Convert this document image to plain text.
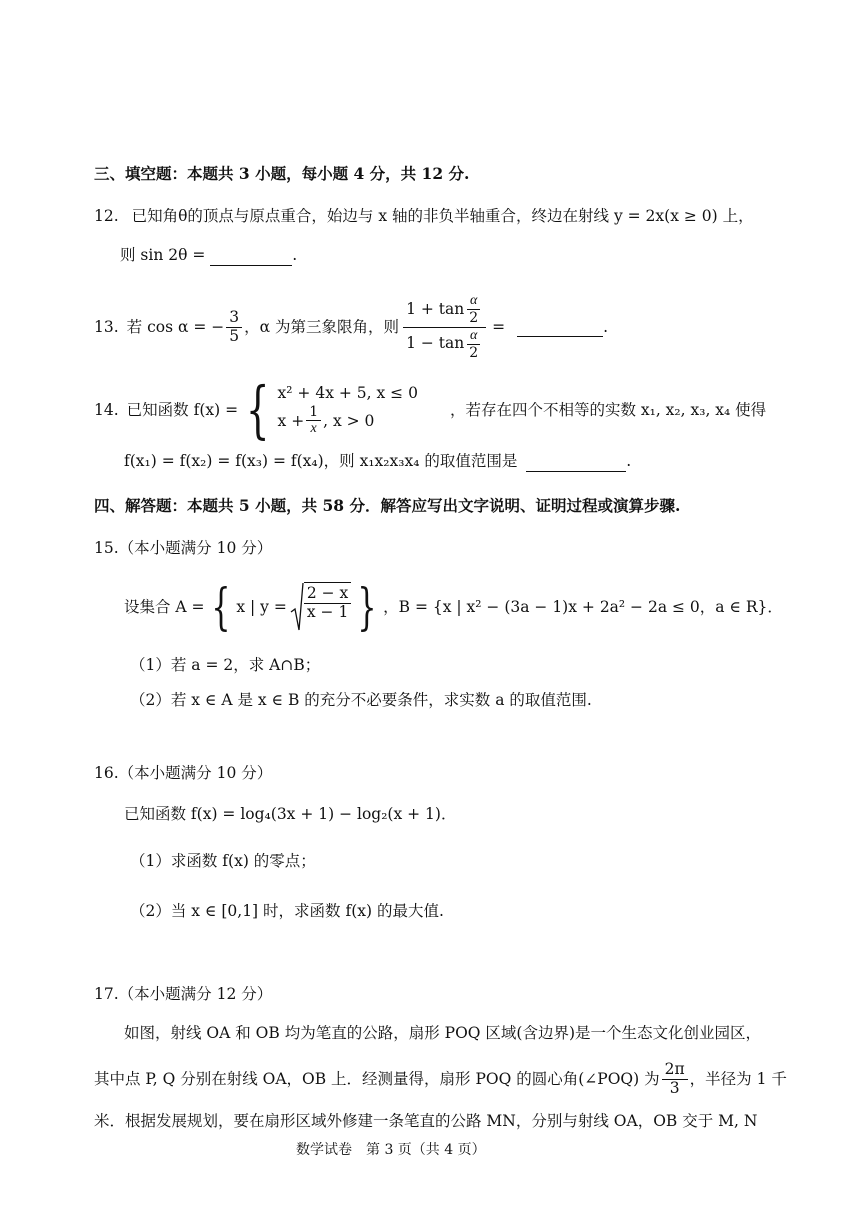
三、填空题：本题共 3 小题，每小题 4 分，共 12 分.
12. 已知角θ的顶点与原点重合，始边与 x 轴的非负半轴重合，终边在射线 y = 2x(x ≥ 0) 上，
则 sin 2θ =	.
13. 若 cos α = − $\frac{3}{5}$ ，α 为第三象限角，则 $\frac{1 + \tan \frac{\alpha}{2}}{1 - \tan \frac{\alpha}{2}}$ =
	.
14. 已知函数 f(x) = { x² + 4x + 5, x ≤ 0
$x + \frac{1}{x}$ , x > 0
，若存在四个不相等的实数 x₁, x₂, x₃, x₄ 使得
f(x₁) = f(x₂) = f(x₃) = f(x₄)，则 x₁x₂x₃x₄ 的取值范围是	.
四、解答题：本题共 5 小题，共 58 分．解答应写出文字说明、证明过程或演算步骤.
15.（本小题满分 10 分）
设集合 A = { x | $y = \frac{2 - x}{x - 1}$ } ，B = {x | x² − (3a − 1)x + 2a² − 2a ≤ 0，a ∈ R}．
（1）若 a = 2，求 A∩B；
（2）若 x ∈ A 是 x ∈ B 的充分不必要条件，求实数 a 的取值范围.
16.（本小题满分 10 分）
已知函数 f(x) = log₄(3x + 1) − log₂(x + 1)．
（1）求函数 f(x) 的零点；
（2）当 x ∈ [0,1] 时，求函数 f(x) 的最大值.
17.（本小题满分 12 分）
如图，射线 OA 和 OB 均为笔直的公路，扇形 POQ 区域(含边界)是一个生态文化创业园区，
其中点 P, Q 分别在射线 OA，OB 上．经测量得，扇形 POQ 的圆心角(∠POQ) 为 $\frac{2\pi}{3}$ ，半径为 1 千
米．根据发展规划，要在扇形区域外修建一条笔直的公路 MN，分别与射线 OA，OB 交于 M, N
数学试卷　第 3 页（共 4 页）
